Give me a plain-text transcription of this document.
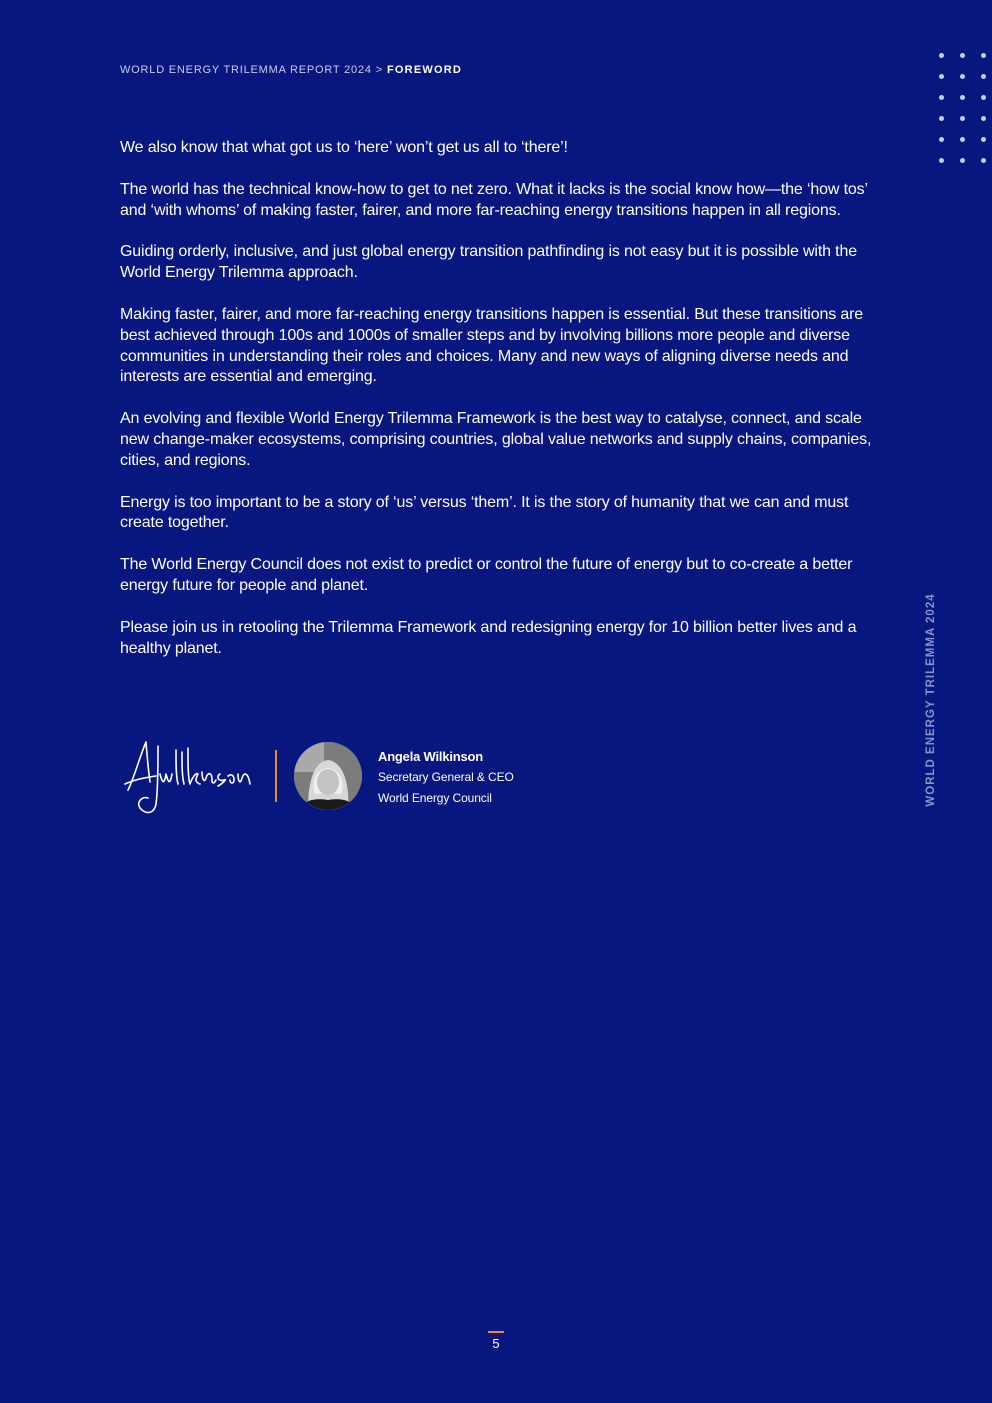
WORLD ENERGY TRILEMMA REPORT 2024 > FOREWORD
WORLD ENERGY TRILEMMA 2024

We also know that what got us to ‘here’ won’t get us all to ‘there’!

The world has the technical know-how to get to net zero. What it lacks is the social know how—the ‘how tos’ and ‘with whoms’ of making faster, fairer, and more far-reaching energy transitions happen in all regions.

Guiding orderly, inclusive, and just global energy transition pathfinding is not easy but it is possible with the World Energy Trilemma approach.

Making faster, fairer, and more far-reaching energy transitions happen is essential. But these transitions are best achieved through 100s and 1000s of smaller steps and by involving billions more people and diverse communities in understanding their roles and choices. Many and new ways of aligning diverse needs and interests are essential and emerging.

An evolving and flexible World Energy Trilemma Framework is the best way to catalyse, connect, and scale new change-maker ecosystems, comprising countries, global value networks and supply chains, companies, cities, and regions.

Energy is too important to be a story of ‘us’ versus ‘them’. It is the story of humanity that we can and must create together.

The World Energy Council does not exist to predict or control the future of energy but to co-create a better energy future for people and planet.

Please join us in retooling the Trilemma Framework and redesigning energy for 10 billion better lives and a healthy planet.

Angela Wilkinson
Secretary General & CEO
World Energy Council
5
